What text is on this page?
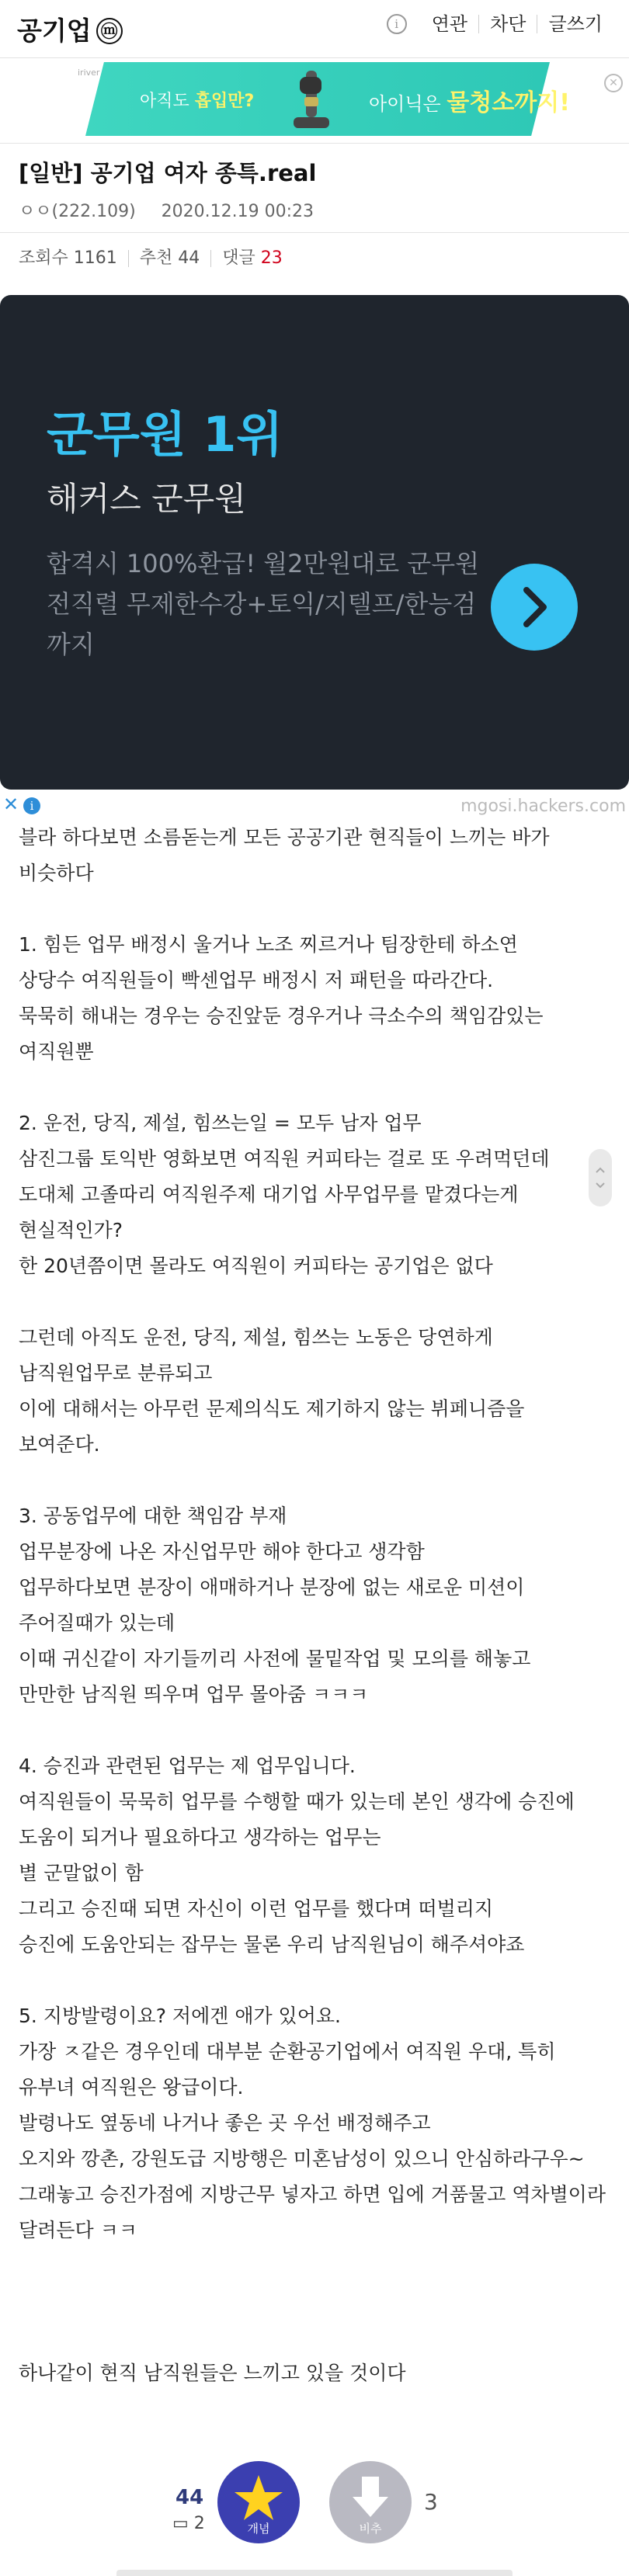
공기업 ⓜ	i	연관	차단	글쓰기
iriver
아직도 흡입만?	아이닉은 물청소까지!
✕
[일반] 공기업 여자 종특.real
ㅇㅇ(222.109) 2020.12.19 00:23
조회수 1161	추천 44	댓글 23
군무원 1위
해커스 군무원
합격시 100%환급! 월2만원대로 군무원 전직렬 무제한수강+토익/지텔프/한능검까지
✕ i	mgosi.hackers.com

블라 하다보면 소름돋는게 모든 공공기관 현직들이 느끼는 바가 비슷하다

1. 힘든 업무 배정시 울거나 노조 찌르거나 팀장한테 하소연

상당수 여직원들이 빡센업무 배정시 저 패턴을 따라간다.

묵묵히 해내는 경우는 승진앞둔 경우거나 극소수의 책임감있는 여직원뿐

2. 운전, 당직, 제설, 힘쓰는일 = 모두 남자 업무

삼진그룹 토익반 영화보면 여직원 커피타는 걸로 또 우려먹던데

도대체 고졸따리 여직원주제 대기업 사무업무를 맡겼다는게 현실적인가?

한 20년쯤이면 몰라도 여직원이 커피타는 공기업은 없다

그런데 아직도 운전, 당직, 제설, 힘쓰는 노동은 당연하게 남직원업무로 분류되고

이에 대해서는 아무런 문제의식도 제기하지 않는 뷔페니즘을 보여준다.

3. 공동업무에 대한 책임감 부재

업무분장에 나온 자신업무만 해야 한다고 생각함

업무하다보면 분장이 애매하거나 분장에 없는 새로운 미션이 주어질때가 있는데

이때 귀신같이 자기들끼리 사전에 물밑작업 및 모의를 해놓고

만만한 남직원 띄우며 업무 몰아줌 ㅋㅋㅋ

4. 승진과 관련된 업무는 제 업무입니다.

여직원들이 묵묵히 업무를 수행할 때가 있는데 본인 생각에 승진에 도움이 되거나 필요하다고 생각하는 업무는

별 군말없이 함

그리고 승진때 되면 자신이 이런 업무를 했다며 떠벌리지

승진에 도움안되는 잡무는 물론 우리 남직원님이 해주셔야죠

5. 지방발령이요? 저에겐 애가 있어요.

가장 ㅈ같은 경우인데 대부분 순환공기업에서 여직원 우대, 특히 유부녀 여직원은 왕급이다.

발령나도 옆동네 나거나 좋은 곳 우선 배정해주고

오지와 깡촌, 강원도급 지방행은 미혼남성이 있으니 안심하라구우~

그래놓고 승진가점에 지방근무 넣자고 하면 입에 거품물고 역차별이라 달려든다 ㅋㅋ

하나같이 현직 남직원들은 느끼고 있을 것이다

44
▭ 2	개념	비추
3
